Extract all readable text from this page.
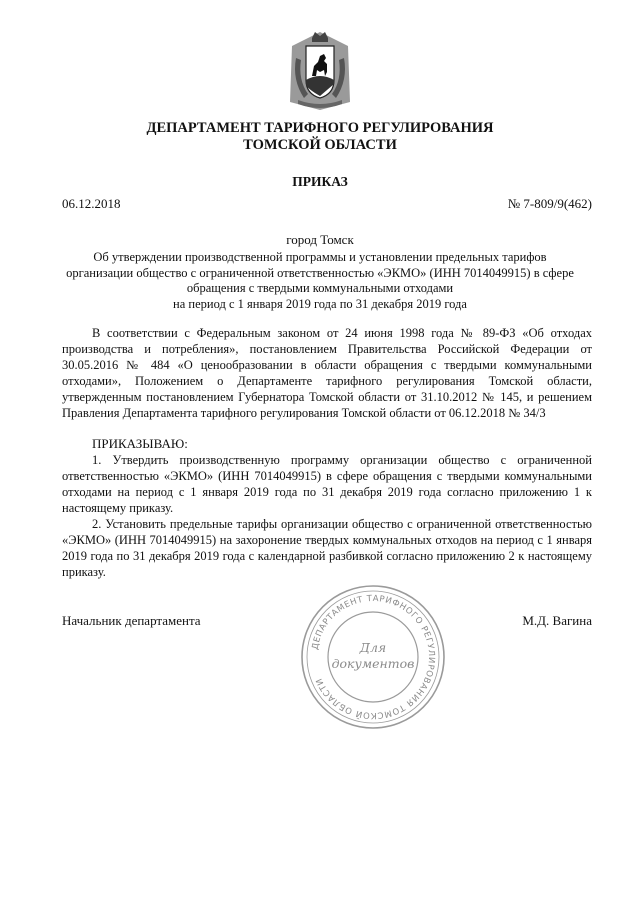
ДЕПАРТАМЕНТ ТАРИФНОГО РЕГУЛИРОВАНИЯ
ТОМСКОЙ ОБЛАСТИ
ПРИКАЗ
06.12.2018	№ 7-809/9(462)
город Томск
Об утверждении производственной программы и установлении предельных тарифов
организации общество с ограниченной ответственностью «ЭКМО» (ИНН 7014049915) в сфере
обращения с твердыми коммунальными отходами
на период с 1 января 2019 года по 31 декабря 2019 года

В соответствии с Федеральным законом от 24 июня 1998 года № 89-ФЗ «Об отходах производства и потребления», постановлением Правительства Российской Федерации от 30.05.2016 № 484 «О ценообразовании в области обращения с твердыми коммунальными отходами», Положением о Департаменте тарифного регулирования Томской области, утвержденным постановлением Губернатора Томской области от 31.10.2012 № 145, и решением Правления Департамента тарифного регулирования Томской области от 06.12.2018 № 34/3

ПРИКАЗЫВАЮ:

1. Утвердить производственную программу организации общество с ограниченной ответственностью «ЭКМО» (ИНН 7014049915) в сфере обращения с твердыми коммунальными отходами на период с 1 января 2019 года по 31 декабря 2019 года согласно приложению 1 к настоящему приказу.

2. Установить предельные тарифы организации общество с ограниченной ответственностью «ЭКМО» (ИНН 7014049915) на захоронение твердых коммунальных отходов на период с 1 января 2019 года по 31 декабря 2019 года с календарной разбивкой согласно приложению 2 к настоящему приказу.

Начальник департамента	М.Д. Вагина
ДЕПАРТАМЕНТ ТАРИФНОГО РЕГУЛИРОВАНИЯ ТОМСКОЙ ОБЛАСТИ
Для
документов
